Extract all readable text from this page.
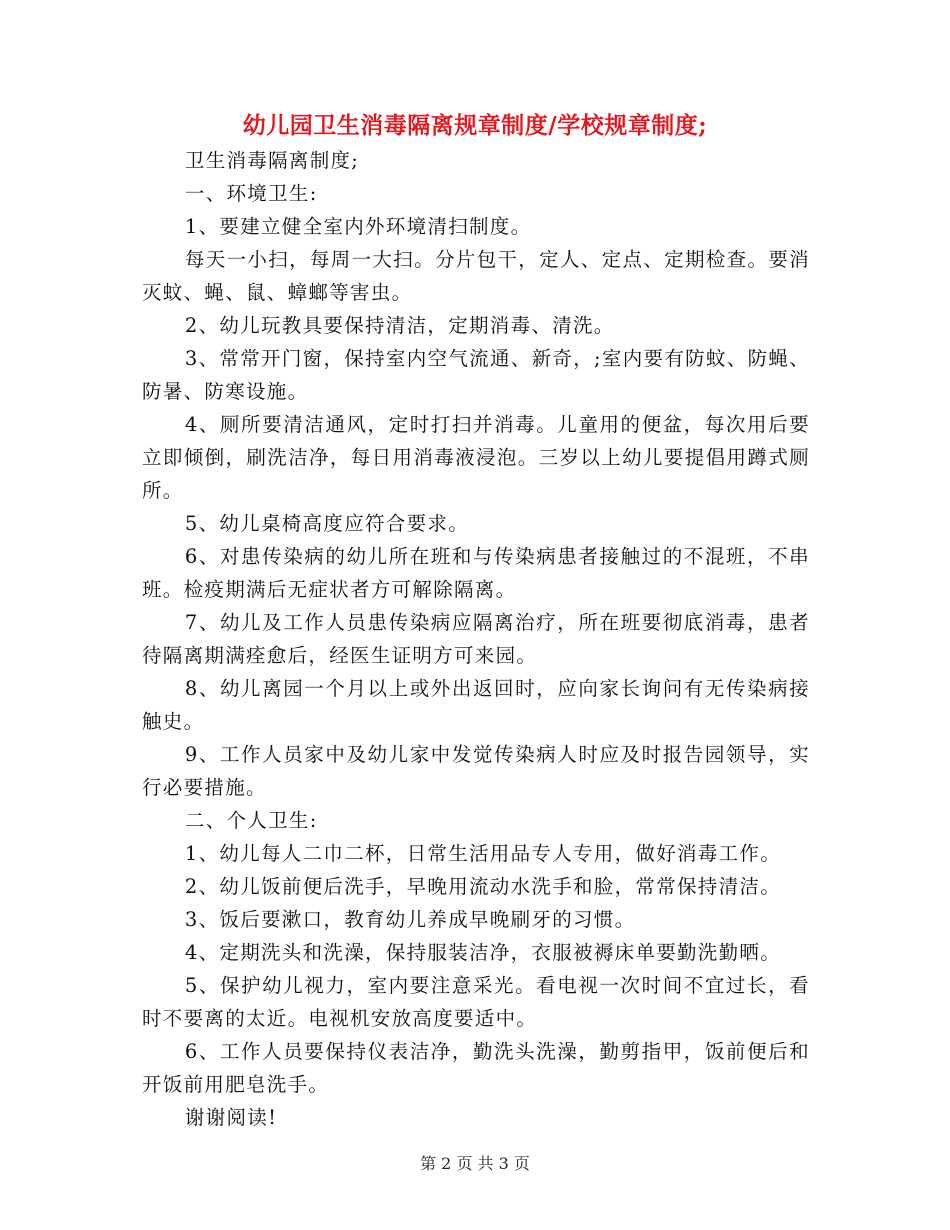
幼儿园卫生消毒隔离规章制度/学校规章制度;

卫生消毒隔离制度;

一、环境卫生:

1、要建立健全室内外环境清扫制度。

每天一小扫，每周一大扫。分片包干，定人、定点、定期检查。要消灭蚊、蝇、鼠、蟑螂等害虫。

2、幼儿玩教具要保持清洁，定期消毒、清洗。

3、常常开门窗，保持室内空气流通、新奇，;室内要有防蚊、防蝇、防暑、防寒设施。

4、厕所要清洁通风，定时打扫并消毒。儿童用的便盆，每次用后要立即倾倒，刷洗洁净，每日用消毒液浸泡。三岁以上幼儿要提倡用蹲式厕所。

5、幼儿桌椅高度应符合要求。

6、对患传染病的幼儿所在班和与传染病患者接触过的不混班，不串班。检疫期满后无症状者方可解除隔离。

7、幼儿及工作人员患传染病应隔离治疗，所在班要彻底消毒，患者待隔离期满痊愈后，经医生证明方可来园。

8、幼儿离园一个月以上或外出返回时，应向家长询问有无传染病接触史。

9、工作人员家中及幼儿家中发觉传染病人时应及时报告园领导，实行必要措施。

二、个人卫生:

1、幼儿每人二巾二杯，日常生活用品专人专用，做好消毒工作。

2、幼儿饭前便后洗手，早晚用流动水洗手和脸，常常保持清洁。

3、饭后要漱口，教育幼儿养成早晚刷牙的习惯。

4、定期洗头和洗澡，保持服装洁净，衣服被褥床单要勤洗勤晒。

5、保护幼儿视力，室内要注意采光。看电视一次时间不宜过长，看时不要离的太近。电视机安放高度要适中。

6、工作人员要保持仪表洁净，勤洗头洗澡，勤剪指甲，饭前便后和开饭前用肥皂洗手。

谢谢阅读!

第 2 页 共 3 页
